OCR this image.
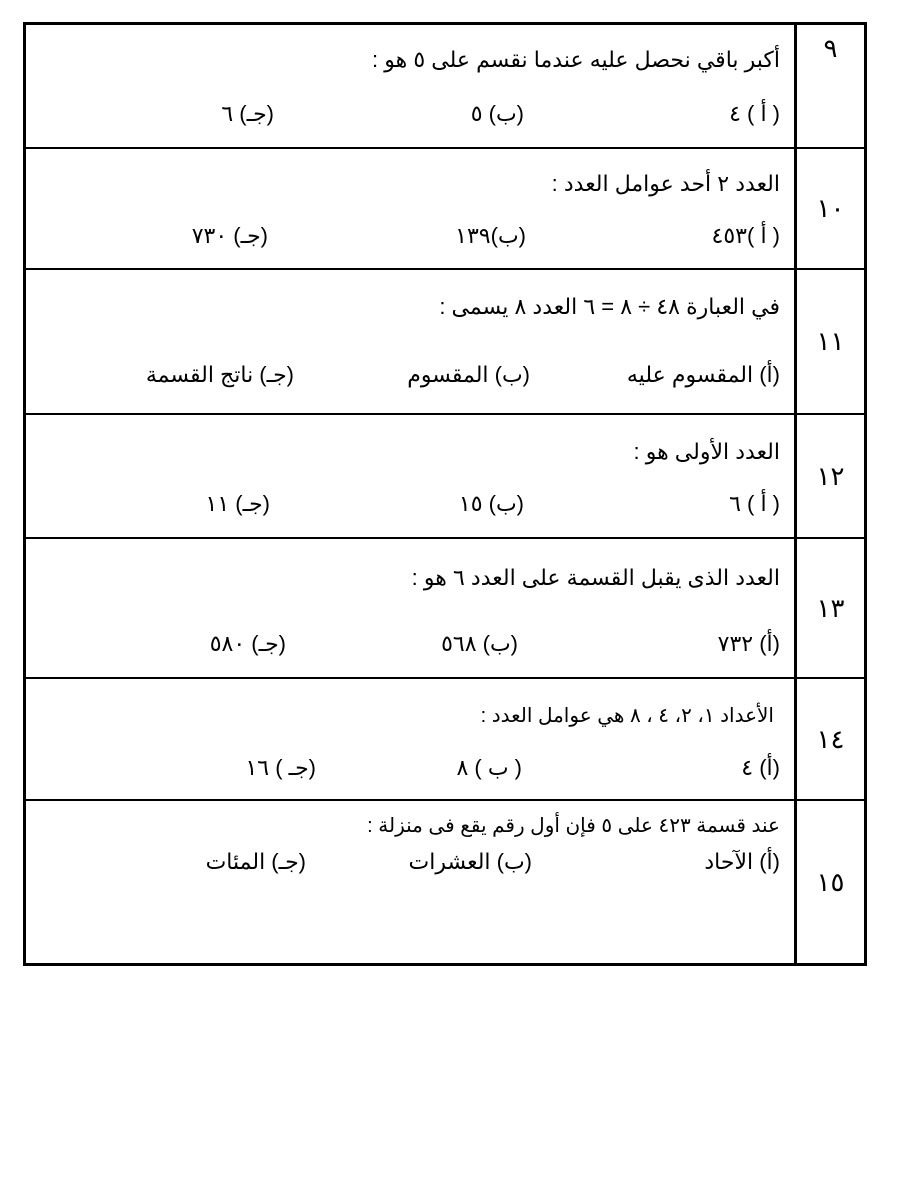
أكبر باقي نحصل عليه عندما نقسم على ٥ هو :
( أ ) ٤
(ب) ٥
(جـ) ٦
٩
العدد ٢ أحد عوامل العدد :
( أ )٤٥٣
(ب)١٣٩
(جـ) ٧٣٠
١٠
في العبارة ٤٨ ÷ ٨ = ٦ العدد ٨ يسمى :
(أ) المقسوم عليه
(ب) المقسوم
(جـ) ناتج القسمة
١١
العدد الأولى هو :
( أ ) ٦
(ب) ١٥
(جـ) ١١
١٢
العدد الذى يقبل القسمة على العدد ٦ هو :
(أ) ٧٣٢
(ب) ٥٦٨
(جـ) ٥٨٠
١٣
الأعداد ١، ٢، ٤ ، ٨ هي عوامل العدد :
(أ) ٤
( ب ) ٨
(جـ ) ١٦
١٤
عند قسمة ٤٢٣ على ٥ فإن أول رقم يقع فى منزلة :
(أ) الآحاد
(ب) العشرات
(جـ) المئات
١٥
